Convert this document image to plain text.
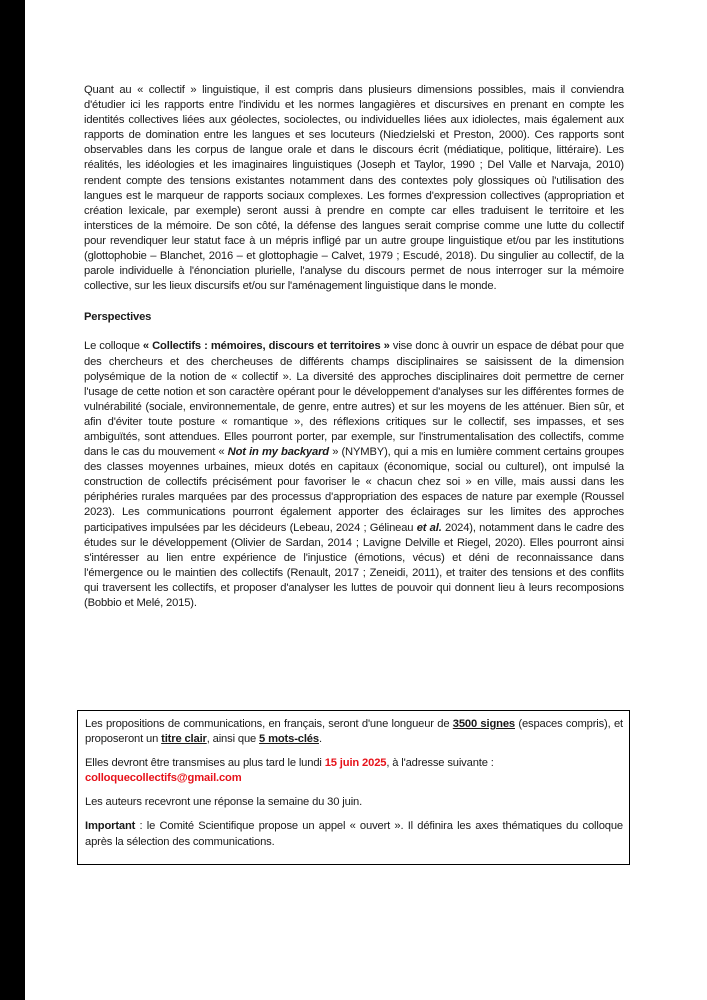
Quant au « collectif » linguistique, il est compris dans plusieurs dimensions possibles, mais il conviendra d'étudier ici les rapports entre l'individu et les normes langagières et discursives en prenant en compte les identités collectives liées aux géolectes, sociolectes, ou individuelles liées aux idiolectes, mais également aux rapports de domination entre les langues et ses locuteurs (Niedzielski et Preston, 2000). Ces rapports sont observables dans les corpus de langue orale et dans le discours écrit (médiatique, politique, littéraire). Les réalités, les idéologies et les imaginaires linguistiques (Joseph et Taylor, 1990 ; Del Valle et Narvaja, 2010) rendent compte des tensions existantes notamment dans des contextes poly glossiques où l'utilisation des langues est le marqueur de rapports sociaux complexes. Les formes d'expression collectives (appropriation et création lexicale, par exemple) seront aussi à prendre en compte car elles traduisent le territoire et les interstices de la mémoire. De son côté, la défense des langues serait comprise comme une lutte du collectif pour revendiquer leur statut face à un mépris infligé par un autre groupe linguistique et/ou par les institutions (glottophobie – Blanchet, 2016 – et glottophagie – Calvet, 1979 ; Escudé, 2018). Du singulier au collectif, de la parole individuelle à l'énonciation plurielle, l'analyse du discours permet de nous interroger sur la mémoire collective, sur les lieux discursifs et/ou sur l'aménagement linguistique dans le monde.

Perspectives

Le colloque « Collectifs : mémoires, discours et territoires » vise donc à ouvrir un espace de débat pour que des chercheurs et des chercheuses de différents champs disciplinaires se saisissent de la dimension polysémique de la notion de « collectif ». La diversité des approches disciplinaires doit permettre de cerner l'usage de cette notion et son caractère opérant pour le développement d'analyses sur les différentes formes de vulnérabilité (sociale, environnementale, de genre, entre autres) et sur les moyens de les atténuer. Bien sûr, et afin d'éviter toute posture « romantique », des réflexions critiques sur le collectif, ses impasses, et ses ambiguïtés, sont attendues. Elles pourront porter, par exemple, sur l'instrumentalisation des collectifs, comme dans le cas du mouvement « Not in my backyard » (NYMBY), qui a mis en lumière comment certains groupes des classes moyennes urbaines, mieux dotés en capitaux (économique, social ou culturel), ont impulsé la construction de collectifs précisément pour favoriser le « chacun chez soi » en ville, mais aussi dans les périphéries rurales marquées par des processus d'appropriation des espaces de nature par exemple (Roussel 2023). Les communications pourront également apporter des éclairages sur les limites des approches participatives impulsées par les décideurs (Lebeau, 2024 ; Gélineau et al. 2024), notamment dans le cadre des études sur le développement (Olivier de Sardan, 2014 ; Lavigne Delville et Riegel, 2020). Elles pourront ainsi s'intéresser au lien entre expérience de l'injustice (émotions, vécus) et déni de reconnaissance dans l'émergence ou le maintien des collectifs (Renault, 2017 ; Zeneidi, 2011), et traiter des tensions et des conflits qui traversent les collectifs, et proposer d'analyser les luttes de pouvoir qui donnent lieu à leurs recomposions (Bobbio et Melé, 2015).

Les propositions de communications, en français, seront d'une longueur de 3500 signes (espaces compris), et proposeront un titre clair, ainsi que 5 mots-clés.

Elles devront être transmises au plus tard le lundi 15 juin 2025, à l'adresse suivante :
colloquecollectifs@gmail.com

Les auteurs recevront une réponse la semaine du 30 juin.

Important : le Comité Scientifique propose un appel « ouvert ». Il définira les axes thématiques du colloque après la sélection des communications.
